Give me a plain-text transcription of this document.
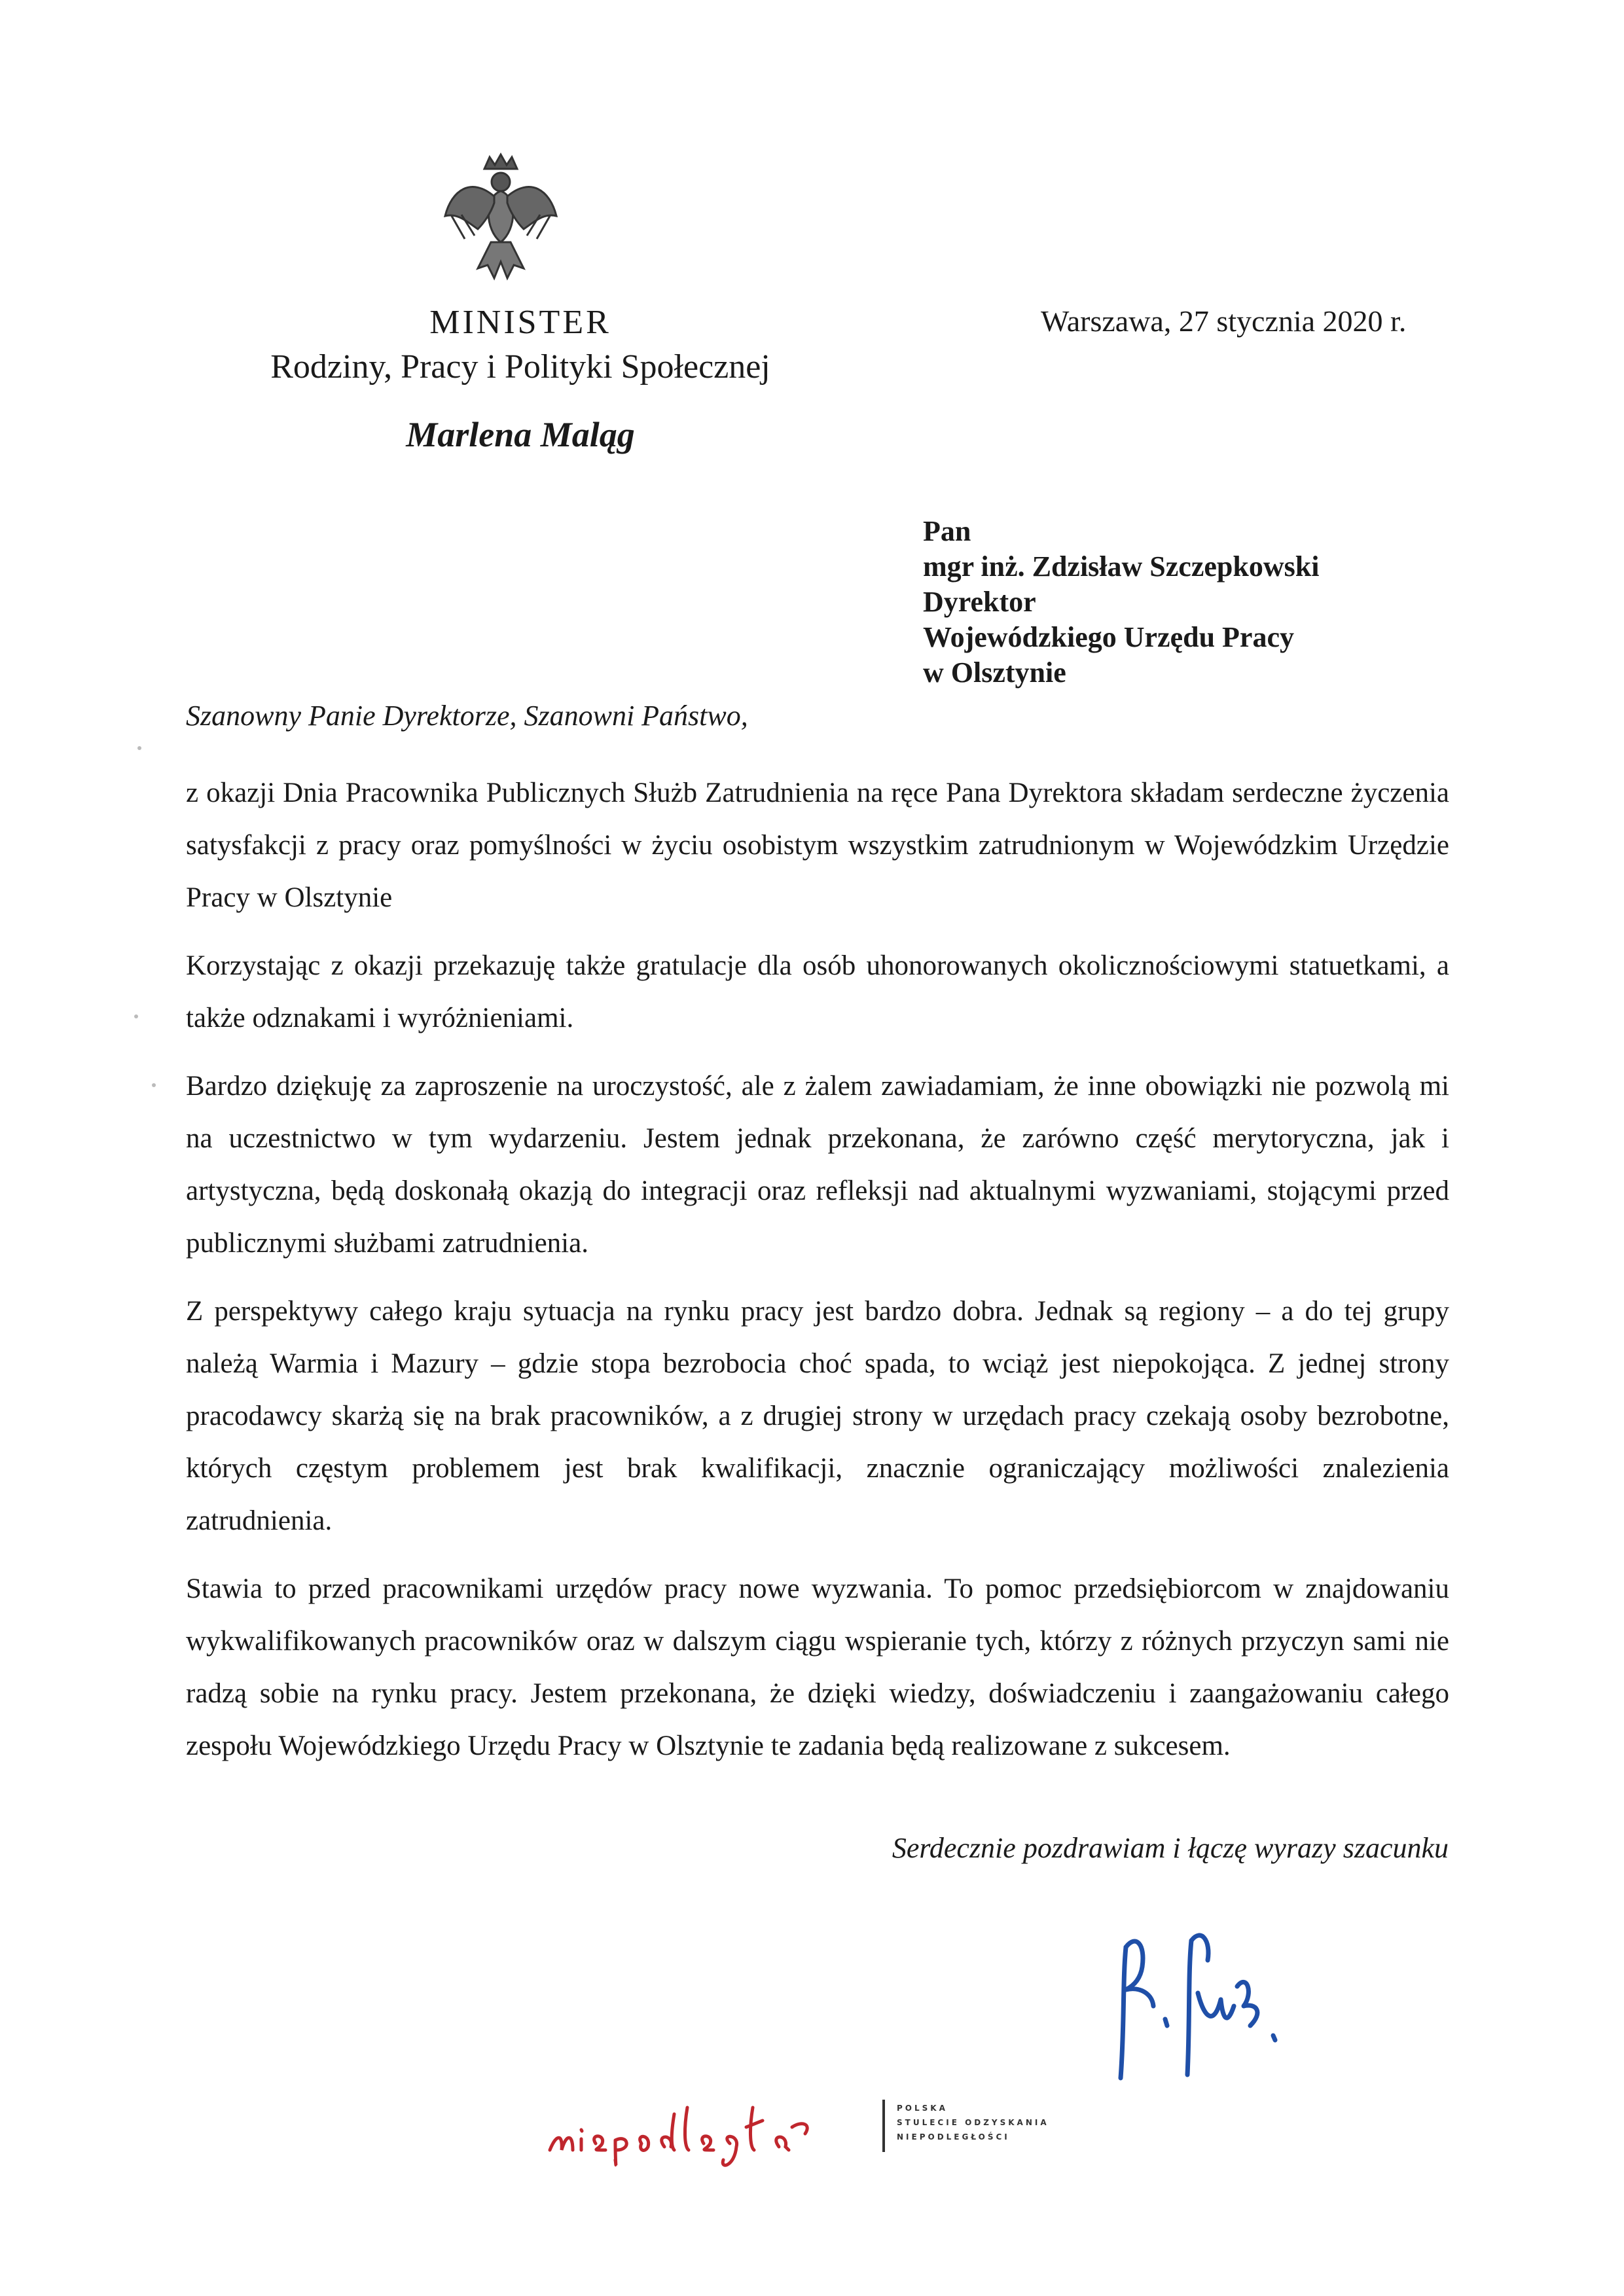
MINISTER
Rodziny, Pracy i Polityki Społecznej
Marlena Maląg
Warszawa, 27 stycznia 2020 r.
Pan
mgr inż. Zdzisław Szczepkowski
Dyrektor
Wojewódzkiego Urzędu Pracy
w Olsztynie
Szanowny Panie Dyrektorze, Szanowni Państwo,

z okazji Dnia Pracownika Publicznych Służb Zatrudnienia na ręce Pana Dyrektora składam serdeczne życzenia satysfakcji z pracy oraz pomyślności w życiu osobistym wszystkim zatrudnionym w Wojewódzkim Urzędzie Pracy w Olsztynie

Korzystając z okazji przekazuję także gratulacje dla osób uhonorowanych okolicznościowymi statuetkami, a także odznakami i wyróżnieniami.

Bardzo dziękuję za zaproszenie na uroczystość, ale z żalem zawiadamiam, że inne obowiązki nie pozwolą mi na uczestnictwo w tym wydarzeniu. Jestem jednak przekonana, że zarówno część merytoryczna, jak i artystyczna, będą doskonałą okazją do integracji oraz refleksji nad aktualnymi wyzwaniami, stojącymi przed publicznymi służbami zatrudnienia.

Z perspektywy całego kraju sytuacja na rynku pracy jest bardzo dobra. Jednak są regiony – a do tej grupy należą Warmia i Mazury – gdzie stopa bezrobocia choć spada, to wciąż jest niepokojąca. Z jednej strony pracodawcy skarżą się na brak pracowników, a z drugiej strony w urzędach pracy czekają osoby bezrobotne, których częstym problemem jest brak kwalifikacji, znacznie ograniczający możliwości znalezienia zatrudnienia.

Stawia to przed pracownikami urzędów pracy nowe wyzwania. To pomoc przedsiębiorcom w znajdowaniu wykwalifikowanych pracowników oraz w dalszym ciągu wspieranie tych, którzy z różnych przyczyn sami nie radzą sobie na rynku pracy. Jestem przekonana, że dzięki wiedzy, doświadczeniu i zaangażowaniu całego zespołu Wojewódzkiego Urzędu Pracy w Olsztynie te zadania będą realizowane z sukcesem.

Serdecznie pozdrawiam i łączę wyrazy szacunku
POLSKA
STULECIE ODZYSKANIA
NIEPODLEGŁOŚCI
